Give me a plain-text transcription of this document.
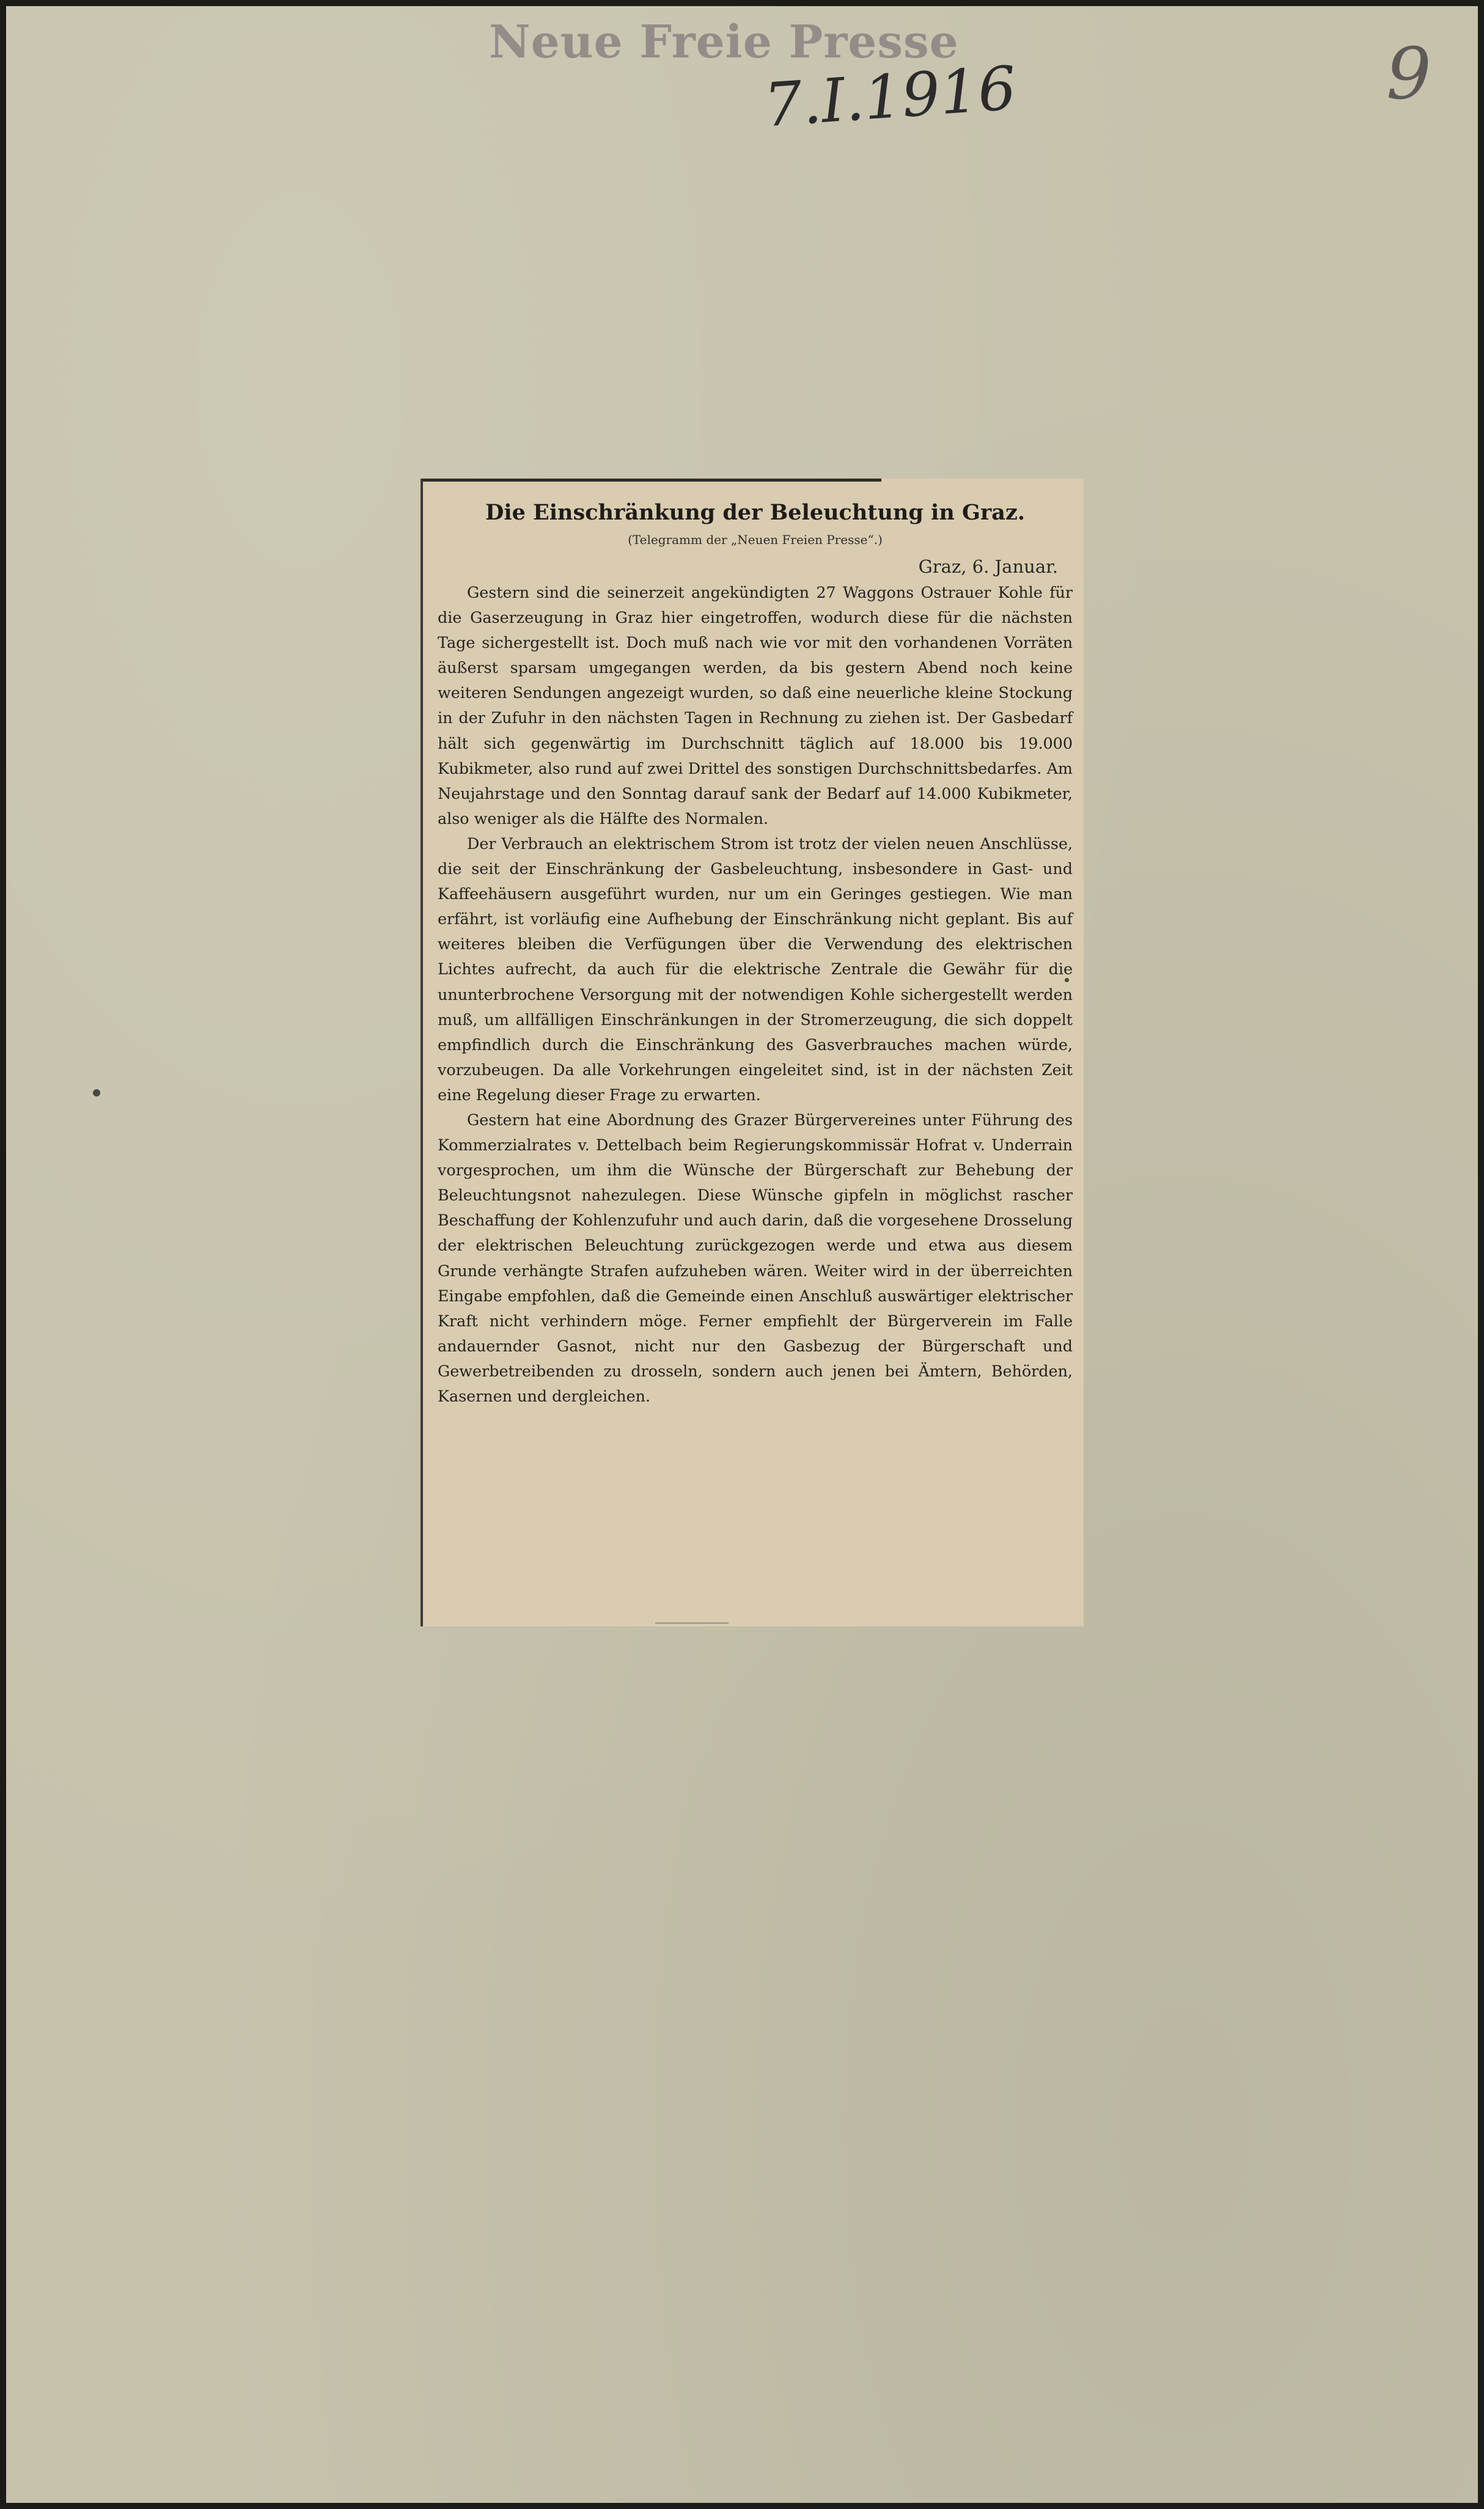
Neue Freie Presse
7.I.1916	9
Die Einschränkung der Beleuchtung in Graz.
(Telegramm der „Neuen Freien Presse“.)
Graz, 6. Januar.

Gestern sind die seinerzeit angekündigten 27 Waggons Ostrauer Kohle für die Gaserzeugung in Graz hier eingetroffen, wodurch diese für die nächsten Tage sichergestellt ist. Doch muß nach wie vor mit den vorhandenen Vorräten äußerst sparsam umgegangen werden, da bis gestern Abend noch keine weiteren Sendungen angezeigt wurden, so daß eine neuerliche kleine Stockung in der Zufuhr in den nächsten Tagen in Rechnung zu ziehen ist. Der Gasbedarf hält sich gegenwärtig im Durchschnitt täglich auf 18.000 bis 19.000 Kubikmeter, also rund auf zwei Drittel des sonstigen Durchschnittsbedarfes. Am Neujahrstage und den Sonntag darauf sank der Bedarf auf 14.000 Kubikmeter, also weniger als die Hälfte des Normalen.

Der Verbrauch an elektrischem Strom ist trotz der vielen neuen Anschlüsse, die seit der Einschränkung der Gasbeleuchtung, insbesondere in Gast- und Kaffeehäusern ausgeführt wurden, nur um ein Geringes gestiegen. Wie man erfährt, ist vorläufig eine Aufhebung der Einschränkung nicht geplant. Bis auf weiteres bleiben die Verfügungen über die Verwendung des elektrischen Lichtes aufrecht, da auch für die elektrische Zentrale die Gewähr für die ununterbrochene Versorgung mit der notwendigen Kohle sichergestellt werden muß, um allfälligen Einschränkungen in der Stromerzeugung, die sich doppelt empfindlich durch die Einschränkung des Gasverbrauches machen würde, vorzubeugen. Da alle Vorkehrungen eingeleitet sind, ist in der nächsten Zeit eine Regelung dieser Frage zu erwarten.

Gestern hat eine Abordnung des Grazer Bürgervereines unter Führung des Kommerzialrates v. Dettelbach beim Regierungskommissär Hofrat v. Underrain vorgesprochen, um ihm die Wünsche der Bürgerschaft zur Behebung der Beleuchtungsnot nahezulegen. Diese Wünsche gipfeln in möglichst rascher Beschaffung der Kohlenzufuhr und auch darin, daß die vorgesehene Drosselung der elektrischen Beleuchtung zurückgezogen werde und etwa aus diesem Grunde verhängte Strafen aufzuheben wären. Weiter wird in der überreichten Eingabe empfohlen, daß die Gemeinde einen Anschluß auswärtiger elektrischer Kraft nicht verhindern möge. Ferner empfiehlt der Bürgerverein im Falle andauernder Gasnot, nicht nur den Gasbezug der Bürgerschaft und Gewerbetreibenden zu drosseln, sondern auch jenen bei Ämtern, Behörden, Kasernen und dergleichen.
